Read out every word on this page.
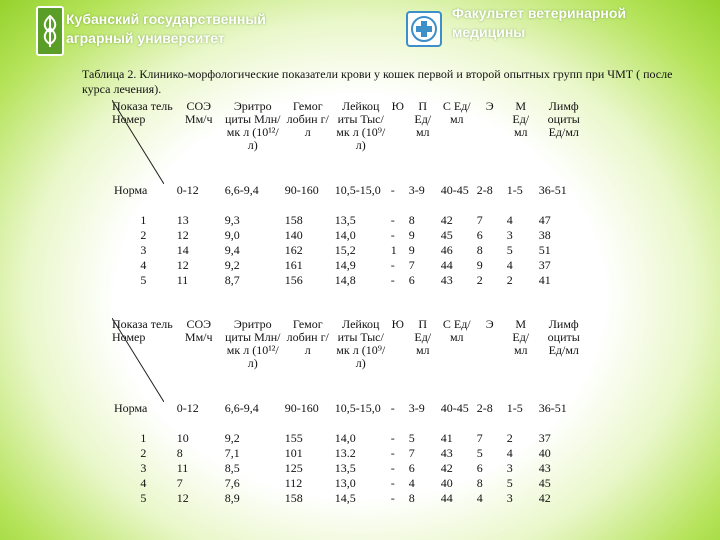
Кубанский государственный аграрный университет
Факультет ветеринарной медицины
Таблица 2. Клинико-морфологические показатели крови у кошек первой и второй опытных групп при ЧМТ ( после курса лечения).
Показа тель
Номер	СОЭ Мм/ч	Эритро циты Млн/мк л (10¹²/л)	Гемог лобин г/л	Лейкоц иты Тыс/мк л (10⁹/л)	Ю	П Ед/ мл	С Ед/ мл	Э	М Ед/ мл	Лимф оциты Ед/мл
Норма	0-12	6,6-9,4	90-160	10,5-15,0	-	3-9	40-45	2-8	1-5	36-51
1	13	9,3	158	13,5	-	8	42	7	4	47
2	12	9,0	140	14,0	-	9	45	6	3	38
3	14	9,4	162	15,2	1	9	46	8	5	51
4	12	9,2	161	14,9	-	7	44	9	4	37
5	11	8,7	156	14,8	-	6	43	2	2	41
Показа тель
Номер	СОЭ Мм/ч	Эритро циты Млн/мк л (10¹²/л)	Гемог лобин г/л	Лейкоц иты Тыс/мк л (10⁹/л)	Ю	П Ед/ мл	С Ед/ мл	Э	М Ед/ мл	Лимф оциты Ед/мл
Норма	0-12	6,6-9,4	90-160	10,5-15,0	-	3-9	40-45	2-8	1-5	36-51
1	10	9,2	155	14,0	-	5	41	7	2	37
2	8	7,1	101	13.2	-	7	43	5	4	40
3	11	8,5	125	13,5	-	6	42	6	3	43
4	7	7,6	112	13,0	-	4	40	8	5	45
5	12	8,9	158	14,5	-	8	44	4	3	42
